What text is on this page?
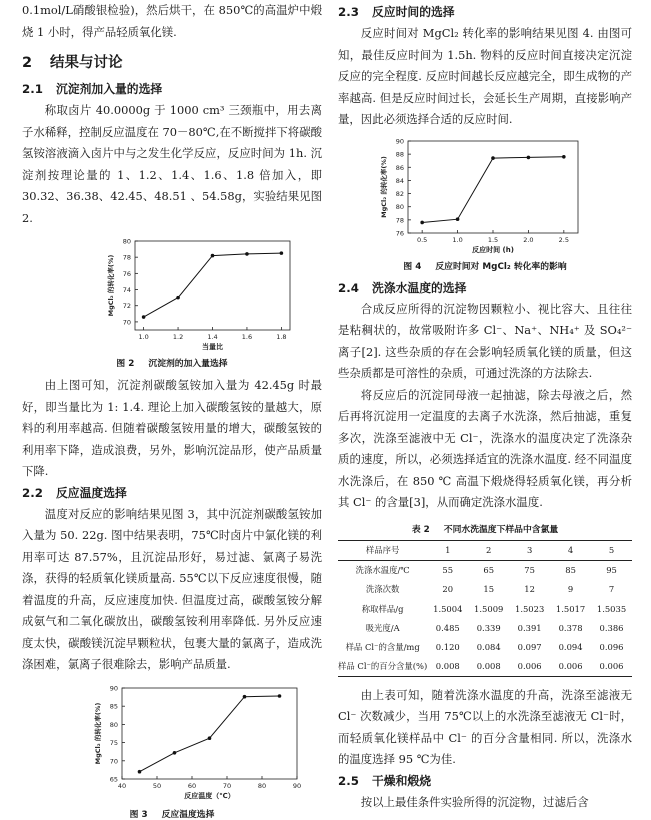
0.1mol/L硝酸银检验)，然后烘干，在 850℃的高温炉中煅烧 1 小时，得产品轻质氧化镁.

2 结果与讨论
2.1 沉淀剂加入量的选择

称取卤片 40.0000g 于 1000 cm³ 三颈瓶中，用去离子水稀释，控制反应温度在 70－80℃,在不断搅拌下将碳酸氢铵溶液滴入卤片中与之发生化学反应，反应时间为 1h. 沉淀剂按理论量的 1、1.2、1.4、1.6、1.8 倍加入，即 30.32、36.38、42.45、48.51 、54.58g，实验结果见图 2.

70
72
74
76
78
80
1.0	1.2	1.4	1.6	1.8
当量比
MgCl₂ 的转化率(%)
图 2 沉淀剂的加入量选择

由上图可知，沉淀剂碳酸氢铵加入量为 42.45g 时最好，即当量比为 1: 1.4. 理论上加入碳酸氢铵的量越大，原料的利用率越高. 但随着碳酸氢铵用量的增大，碳酸氢铵的利用率下降，造成浪费，另外，影响沉淀品形，使产品质量下降.

2.2 反应温度选择

温度对反应的影响结果见图 3，其中沉淀剂碳酸氢铵加入量为 50. 22g. 图中结果表明，75℃时卤片中氯化镁的利用率可达 87.57%，且沉淀品形好，易过滤、氯离子易洗涤，获得的轻质氧化镁质量高. 55℃以下反应速度很慢，随着温度的升高，反应速度加快. 但温度过高，碳酸氢铵分解成氨气和二氧化碳放出，碳酸氢铵利用率降低. 另外反应速度太快，碳酸镁沉淀早颗粒状，包裹大量的氯离子，造成洗涤困难，氯离子很难除去，影响产品质量.

65
70
75
80
85
90
40	50	60	70	80	90
反应温度（℃）
MgCl₂ 的转化率(%)
图 3 反应温度选择
2.3 反应时间的选择

反应时间对 MgCl₂ 转化率的影响结果见图 4. 由图可知，最佳反应时间为 1.5h. 物料的反应时间直接决定沉淀反应的完全程度. 反应时间越长反应越完全，即生成物的产率越高. 但是反应时间过长，会延长生产周期，直接影响产量，因此必须选择合适的反应时间.

76
78
80
82
84
86
88
90
0.5	1.0	1.5	2.0	2.5
反应时间 (h)
MgCl₂ 的转化率(%)
图 4 反应时间对 MgCl₂ 转化率的影响
2.4 洗涤水温度的选择

合成反应所得的沉淀物因颗粒小、视比容大、且往往是粘稠状的，故常吸附许多 Cl⁻、Na⁺、NH₄⁺ 及 SO₄²⁻ 离子[2]. 这些杂质的存在会影响轻质氧化镁的质量，但这些杂质都是可溶性的杂质，可通过洗涤的方法除去.

将反应后的沉淀同母液一起抽滤，除去母液之后，然后再将沉淀用一定温度的去离子水洗涤，然后抽滤，重复多次，洗涤至滤液中无 Cl⁻，洗涤水的温度决定了洗涤杂质的速度，所以，必须选择适宜的洗涤水温度. 经不同温度水洗涤后，在 850 ℃ 高温下煅烧得轻质氧化镁，再分析其 Cl⁻ 的含量[3]，从而确定洗涤水温度.

表 2 不同水洗温度下样品中含氯量
样品序号	1	2	3	4	5
洗涤水温度/℃	55	65	75	85	95
洗涤次数	20	15	12	9	7
称取样品/g	1.5004	1.5009	1.5023	1.5017	1.5035
吸光度/A	0.485	0.339	0.391	0.378	0.386
样品 Cl⁻的含量/mg	0.120	0.084	0.097	0.094	0.096
样品 Cl⁻的百分含量(%)	0.008	0.008	0.006	0.006	0.006

由上表可知，随着洗涤水温度的升高，洗涤至滤液无 Cl⁻ 次数减少，当用 75℃以上的水洗涤至滤液无 Cl⁻时，而轻质氧化镁样品中 Cl⁻ 的百分含量相同. 所以，洗涤水的温度选择 95 ℃为佳.

2.5 干燥和煅烧

按以上最佳条件实验所得的沉淀物，过滤后含
